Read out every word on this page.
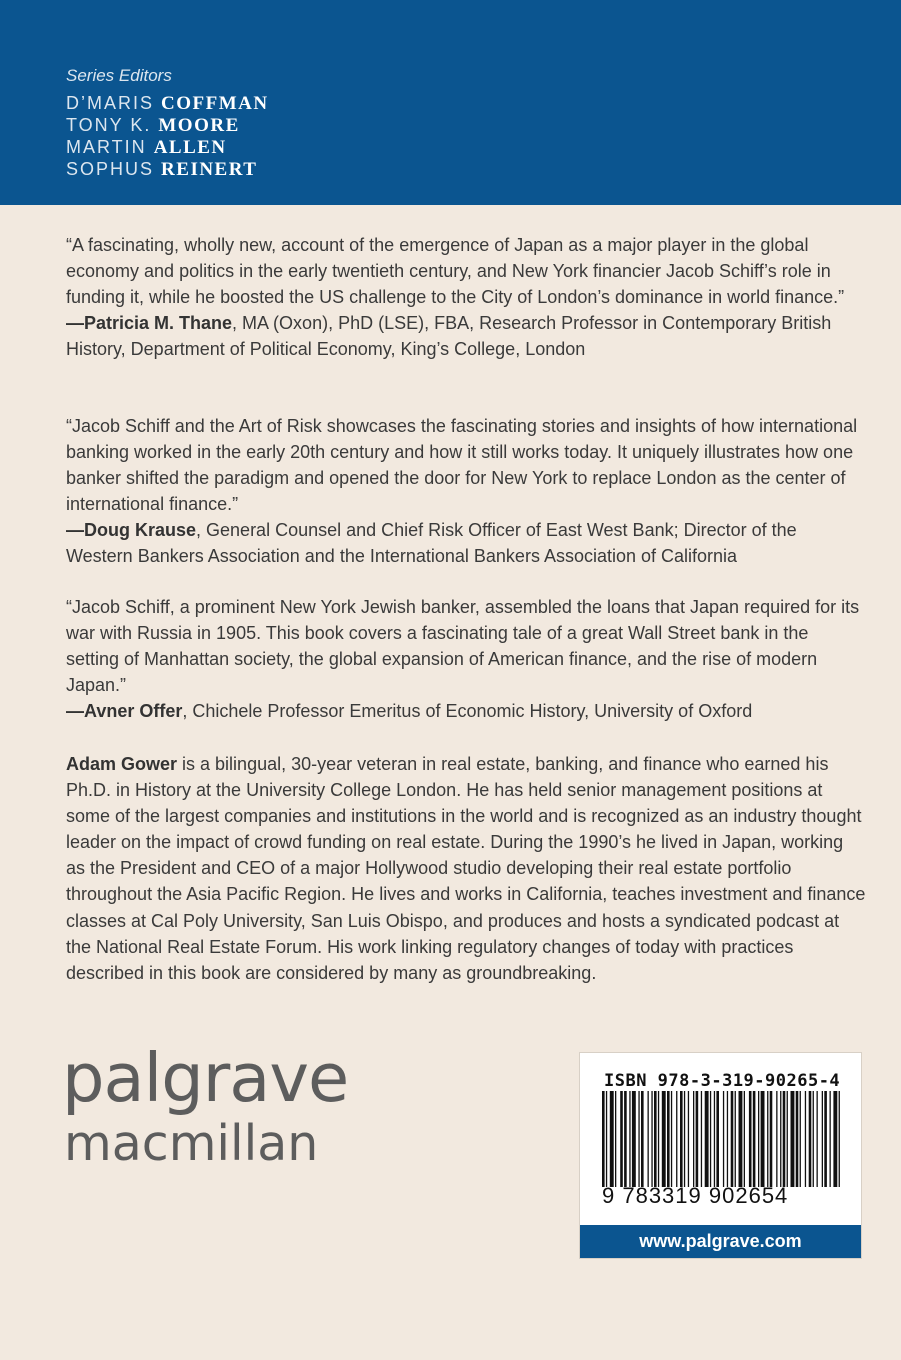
Series Editors
D’MARIS COFFMAN
TONY K. MOORE
MARTIN ALLEN
SOPHUS REINERT

“A fascinating, wholly new, account of the emergence of Japan as a major player in the global economy and politics in the early twentieth century, and New York financier Jacob Schiff’s role in funding it, while he boosted the US challenge to the City of London’s dominance in world finance.”
—Patricia M. Thane, MA (Oxon), PhD (LSE), FBA, Research Professor in Contemporary British History, Department of Political Economy, King’s College, London

“Jacob Schiff and the Art of Risk showcases the fascinating stories and insights of how international banking worked in the early 20th century and how it still works today. It uniquely illustrates how one banker shifted the paradigm and opened the door for New York to replace London as the center of international finance.”
—Doug Krause, General Counsel and Chief Risk Officer of East West Bank; Director of the Western Bankers Association and the International Bankers Association of California

“Jacob Schiff, a prominent New York Jewish banker, assembled the loans that Japan required for its war with Russia in 1905. This book covers a fascinating tale of a great Wall Street bank in the setting of Manhattan society, the global expansion of American finance, and the rise of modern Japan.”
—Avner Offer, Chichele Professor Emeritus of Economic History, University of Oxford

Adam Gower is a bilingual, 30-year veteran in real estate, banking, and finance who earned his Ph.D. in History at the University College London. He has held senior management positions at some of the largest companies and institutions in the world and is recognized as an industry thought leader on the impact of crowd funding on real estate. During the 1990’s he lived in Japan, working as the President and CEO of a major Hollywood studio developing their real estate portfolio throughout the Asia Pacific Region. He lives and works in California, teaches investment and finance classes at Cal Poly University, San Luis Obispo, and produces and hosts a syndicated podcast at the National Real Estate Forum. His work linking regulatory changes of today with practices described in this book are considered by many as groundbreaking.

palgrave
macmillan
ISBN 978-3-319-90265-4
9 783319 902654
www.palgrave.com
